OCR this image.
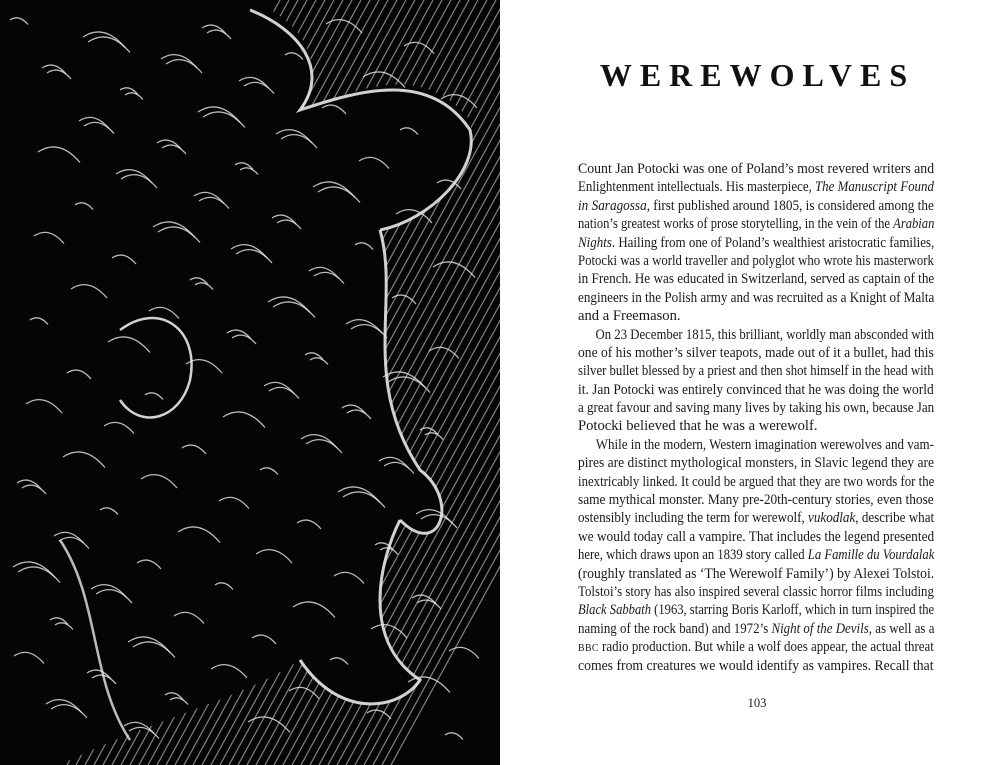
WEREWOLVES
Count Jan Potocki was one of Poland’s most revered writers and
Enlightenment intellectuals. His masterpiece, The Manuscript Found
in Saragossa, first published around 1805, is considered among the
nation’s greatest works of prose storytelling, in the vein of the Arabian
Nights. Hailing from one of Poland’s wealthiest aristocratic families,
Potocki was a world traveller and polyglot who wrote his masterwork
in French. He was educated in Switzerland, served as captain of the
engineers in the Polish army and was recruited as a Knight of Malta
and a Freemason.
On 23 December 1815, this brilliant, worldly man absconded with
one of his mother’s silver teapots, made out of it a bullet, had this
silver bullet blessed by a priest and then shot himself in the head with
it. Jan Potocki was entirely convinced that he was doing the world
a great favour and saving many lives by taking his own, because Jan
Potocki believed that he was a werewolf.
While in the modern, Western imagination werewolves and vam-
pires are distinct mythological monsters, in Slavic legend they are
inextricably linked. It could be argued that they are two words for the
same mythical monster. Many pre-20th-century stories, even those
ostensibly including the term for werewolf, vukodlak, describe what
we would today call a vampire. That includes the legend presented
here, which draws upon an 1839 story called La Famille du Vourdalak
(roughly translated as ‘The Werewolf Family’) by Alexei Tolstoi.
Tolstoi’s story has also inspired several classic horror films including
Black Sabbath (1963, starring Boris Karloff, which in turn inspired the
naming of the rock band) and 1972’s Night of the Devils, as well as a
BBC radio production. But while a wolf does appear, the actual threat
comes from creatures we would identify as vampires. Recall that
103
